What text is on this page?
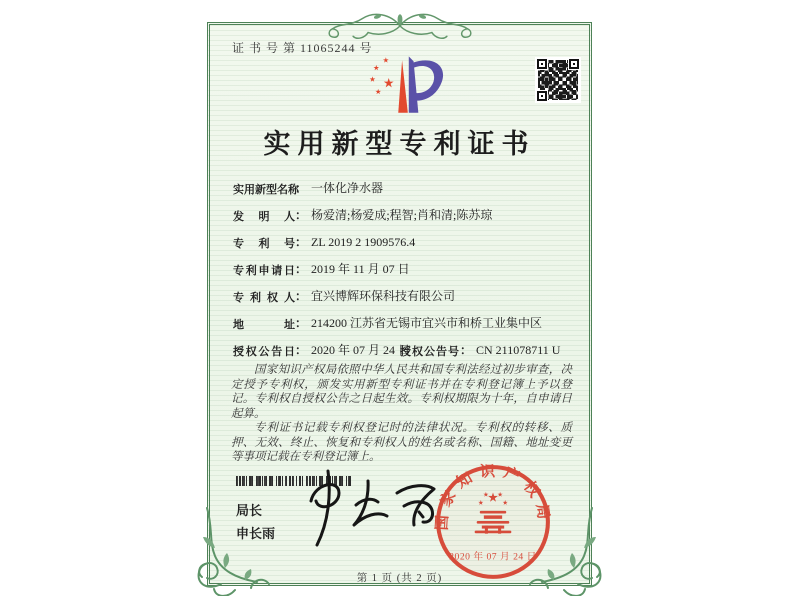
证 书 号 第 11065244 号
实用新型专利证书
实用新型名称： 一体化净水器
发明人： 杨爱清;杨爱成;程智;肖和清;陈苏琼
专利号： ZL 2019 2 1909576.4
专利申请日： 2019 年 11 月 07 日
专利权人： 宜兴博辉环保科技有限公司
地址： 214200 江苏省无锡市宜兴市和桥工业集中区
授权公告日： 2020 年 07 月 24 日
授权公告号： CN 211078711 U

国家知识产权局依照中华人民共和国专利法经过初步审查，决定授予专利权，颁发实用新型专利证书并在专利登记簿上予以登记。专利权自授权公告之日起生效。专利权期限为十年，自申请日起算。

专利证书记载专利权登记时的法律状况。专利权的转移、质押、无效、终止、恢复和专利权人的姓名或名称、国籍、地址变更等事项记载在专利登记簿上。

局长
申长雨
国家知识产权局
2020 年 07 月 24 日
第 1 页 (共 2 页)
